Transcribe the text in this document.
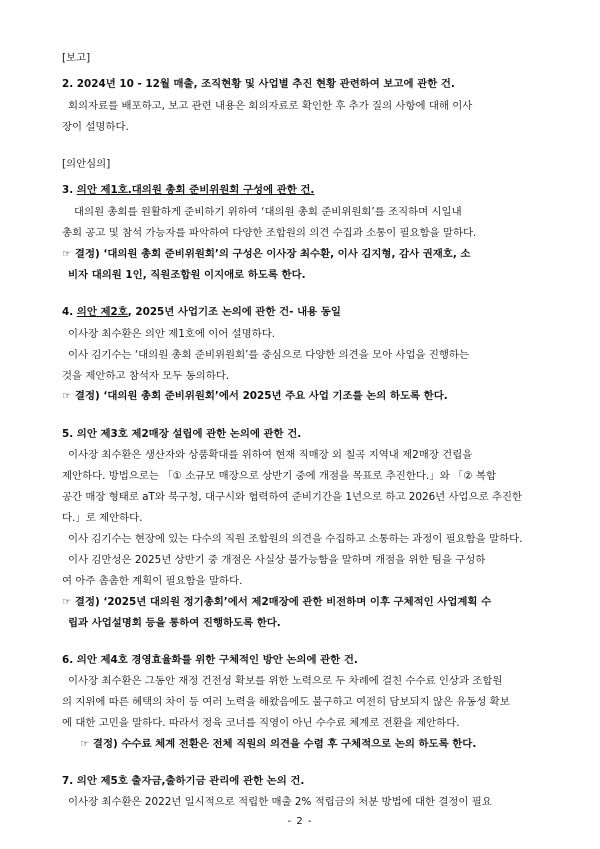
[보고]
2. 2024년 10 - 12월 매출, 조직현황 및 사업별 추진 현황 관련하여 보고에 관한 건.
회의자료를 배포하고, 보고 관련 내용은 회의자료로 확인한 후 추가 질의 사항에 대해 이사
장이 설명하다.
[의안심의]
3. 의안 제1호.대의원 총회 준비위원회 구성에 관한 건.
대의원 총회를 원활하게 준비하기 위하여 ‘대의원 총회 준비위원회’를 조직하며 시일내
총회 공고 및 참석 가능자를 파악하여 다양한 조합원의 의견 수집과 소통이 필요함을 말하다.
☞ 결정) ‘대의원 총회 준비위원회’의 구성은 이사장 최수환, 이사 김지형, 감사 권재호, 소
비자 대의원 1인, 직원조합원 이지애로 하도록 한다.
4. 의안 제2호, 2025년 사업기조 논의에 관한 건- 내용 동일
이사장 최수환은 의안 제1호에 이어 설명하다.
이사 김기수는 ‘대의원 총회 준비위원회’를 중심으로 다양한 의견을 모아 사업을 진행하는
것을 제안하고 참석자 모두 동의하다.
☞ 결정) ‘대의원 총회 준비위원회’에서 2025년 주요 사업 기조를 논의 하도록 한다.
5. 의안 제3호 제2매장 설립에 관한 논의에 관한 건.
이사장 최수환은 생산자와 상품확대를 위하여 현재 직매장 외 칠곡 지역내 제2매장 건립을
제안하다. 방법으로는 「① 소규모 매장으로 상반기 중에 개점을 목표로 추진한다.」와 「② 복합
공간 매장 형태로 aT와 북구청, 대구시와 협력하여 준비기간을 1년으로 하고 2026년 사업으로 추진한
다.」로 제안하다.
이사 김기수는 현장에 있는 다수의 직원 조합원의 의견을 수집하고 소통하는 과정이 필요함을 말하다.
이사 김만성은 2025년 상반기 중 개점은 사실상 불가능함을 말하며 개점을 위한 팀을 구성하
여 아주 촘촘한 계획이 필요함을 말하다.
☞ 결정) ‘2025년 대의원 정기총회’에서 제2매장에 관한 비전하며 이후 구체적인 사업계획 수
립과 사업설명회 등을 통하여 진행하도록 한다.
6. 의안 제4호 경영효율화를 위한 구체적인 방안 논의에 관한 건.
이사장 최수환은 그동안 재정 건전성 확보를 위한 노력으로 두 차례에 걸친 수수료 인상과 조합원
의 지위에 따른 혜택의 차이 등 여러 노력을 해왔음에도 불구하고 여전히 담보되지 않은 유동성 확보
에 대한 고민을 말하다. 따라서 정육 코너를 직영이 아닌 수수료 체계로 전환을 제안하다.
☞ 결정) 수수료 체계 전환은 전체 직원의 의견을 수렴 후 구체적으로 논의 하도록 한다.
7. 의안 제5호 출자금,출하기금 관리에 관한 논의 건.
이사장 최수환은 2022년 일시적으로 적립한 매출 2% 적립금의 처분 방법에 대한 결정이 필요
- 2 -
